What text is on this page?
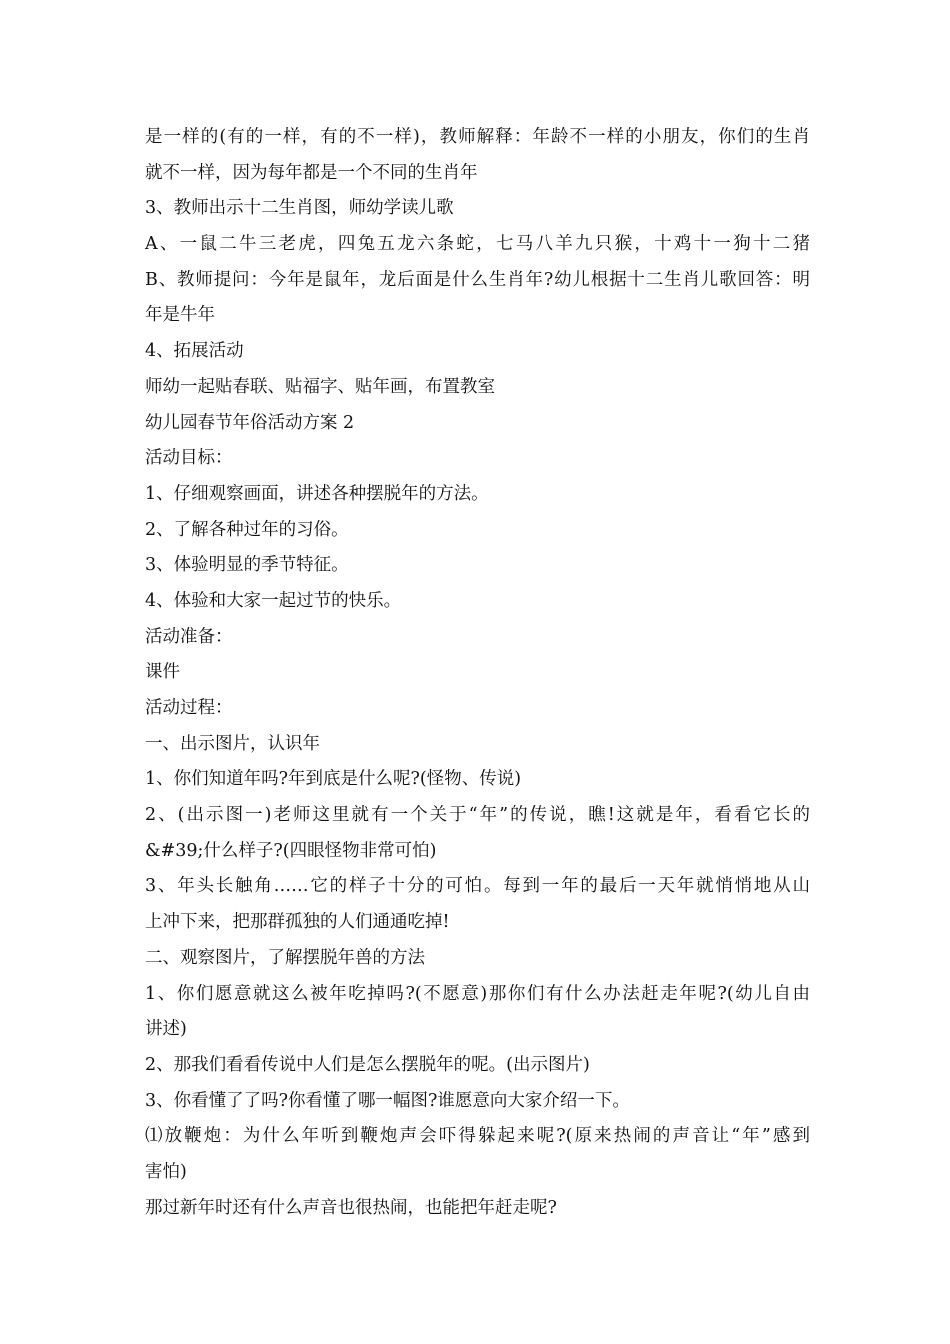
是一样的(有的一样，有的不一样)，教师解释：年龄不一样的小朋友，你们的生肖
就不一样，因为每年都是一个不同的生肖年
3、教师出示十二生肖图，师幼学读儿歌
A、一鼠二牛三老虎，四兔五龙六条蛇，七马八羊九只猴，十鸡十一狗十二猪
B、教师提问：今年是鼠年，龙后面是什么生肖年?幼儿根据十二生肖儿歌回答：明
年是牛年
4、拓展活动
师幼一起贴春联、贴福字、贴年画，布置教室
幼儿园春节年俗活动方案 2
活动目标：
1、仔细观察画面，讲述各种摆脱年的方法。
2、了解各种过年的习俗。
3、体验明显的季节特征。
4、体验和大家一起过节的快乐。
活动准备：
课件
活动过程：
一、出示图片，认识年
1、你们知道年吗?年到底是什么呢?(怪物、传说)
2、(出示图一)老师这里就有一个关于“年”的传说，瞧!这就是年，看看它长的
&#39;什么样子?(四眼怪物非常可怕)
3、年头长触角……它的样子十分的可怕。每到一年的最后一天年就悄悄地从山
上冲下来，把那群孤独的人们通通吃掉!
二、观察图片，了解摆脱年兽的方法
1、你们愿意就这么被年吃掉吗?(不愿意)那你们有什么办法赶走年呢?(幼儿自由
讲述)
2、那我们看看传说中人们是怎么摆脱年的呢。(出示图片)
3、你看懂了了吗?你看懂了哪一幅图?谁愿意向大家介绍一下。
⑴放鞭炮：为什么年听到鞭炮声会吓得躲起来呢?(原来热闹的声音让“年”感到
害怕)
那过新年时还有什么声音也很热闹，也能把年赶走呢?
